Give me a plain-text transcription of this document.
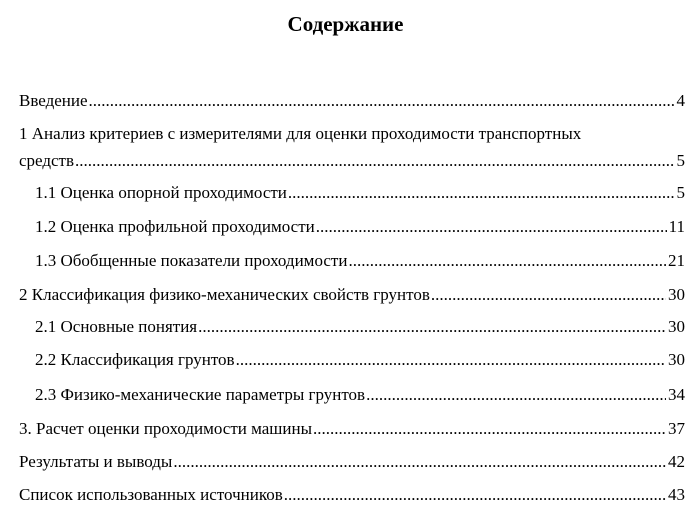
Содержание
Введение .....	4
1 Анализ критериев с измерителями для оценки проходимости транспортных
средств .....	5
1.1 Оценка опорной проходимости .....	5
1.2 Оценка профильной проходимости .....	11
1.3 Обобщенные показатели проходимости .....	21
2 Классификация физико-механических свойств грунтов .....	30
2.1 Основные понятия .....	30
2.2 Классификация грунтов .....	30
2.3 Физико-механические параметры грунтов .....	34
3. Расчет оценки проходимости машины .....	37
Результаты и выводы .....	42
Список использованных источников .....	43
